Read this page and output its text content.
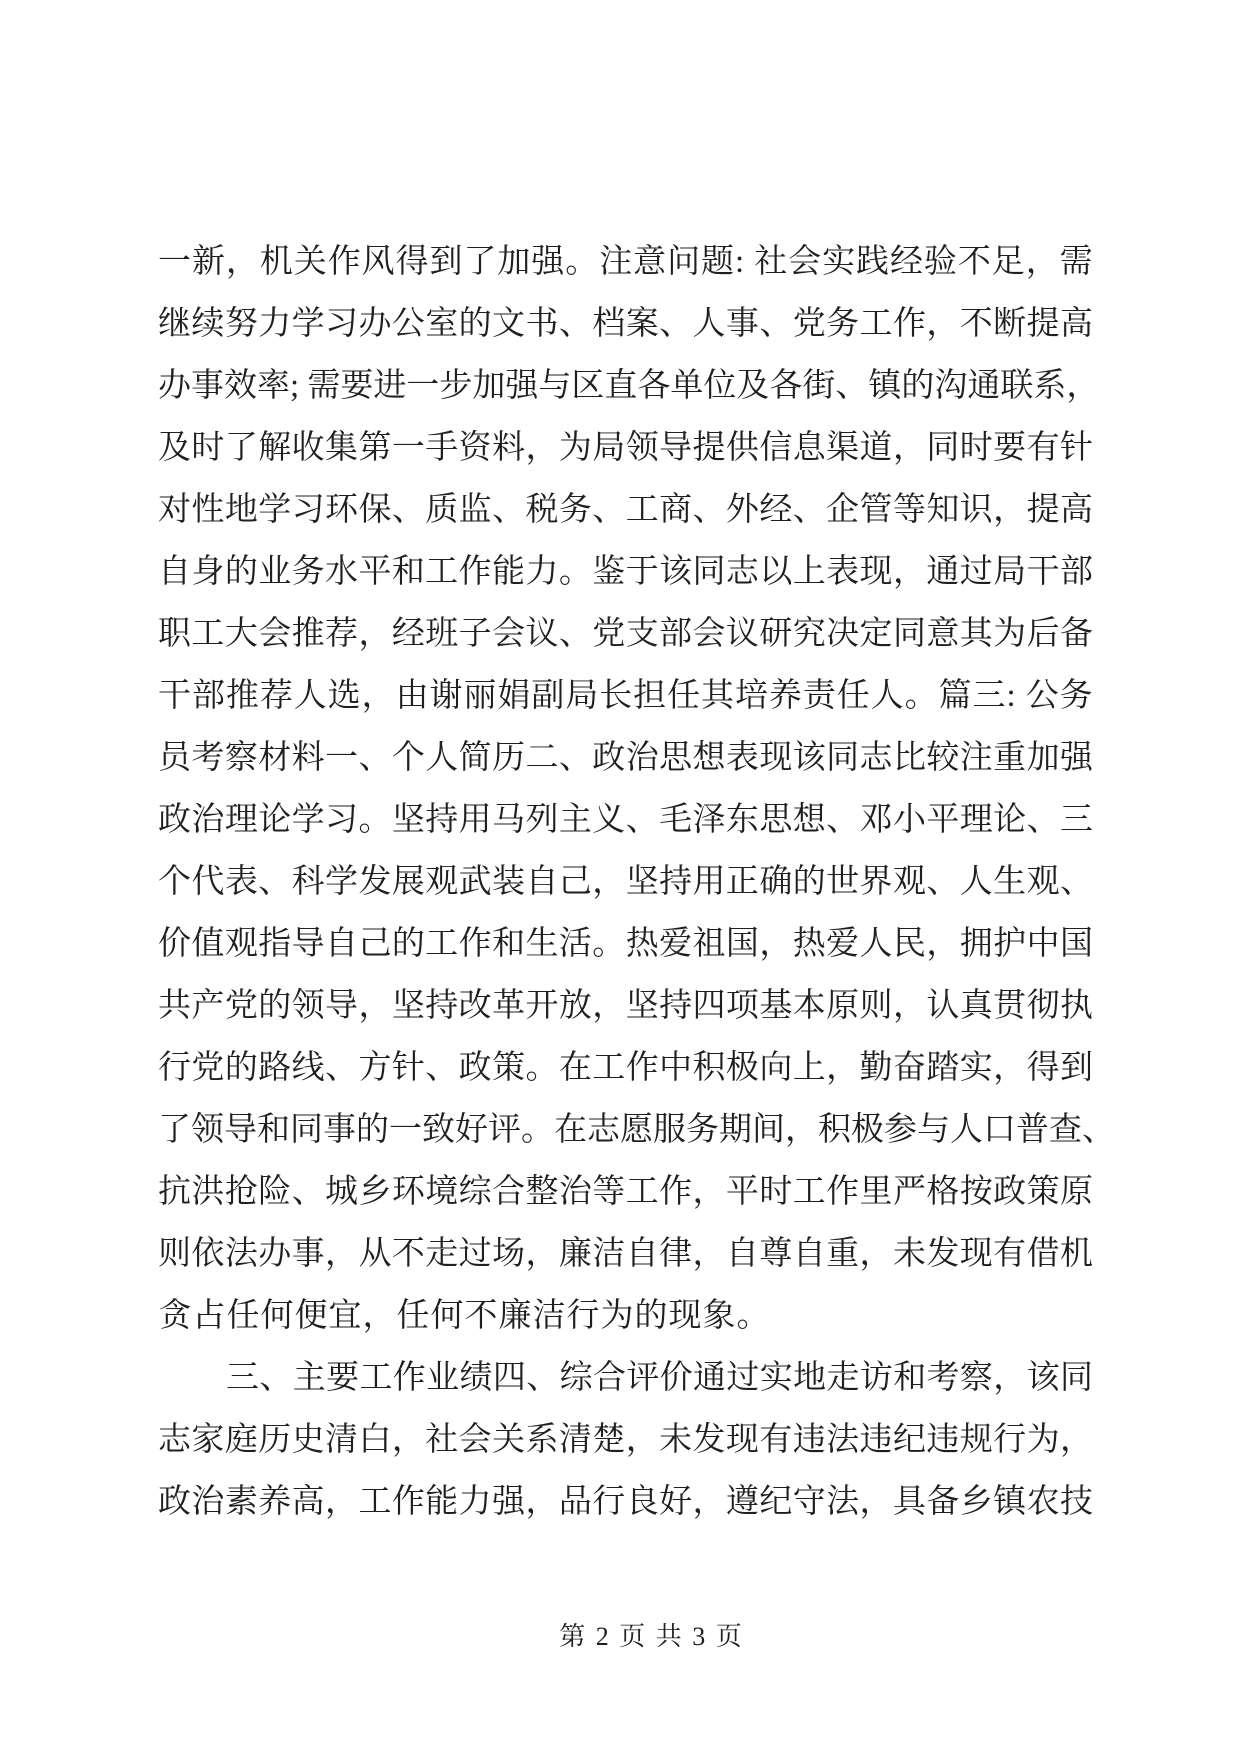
一 新 ， 机 关 作 风 得 到 了 加 强 。 注 意 问 题 :
社 会 实 践 经 验 不 足 ， 需
继 续 努 力 学 习 办 公 室 的 文 书 、 档 案 、 人 事 、 党 务 工 作 ， 不 断 提 高
办 事 效 率 ;
需 要 进 一 步 加 强 与 区 直 各 单 位 及 各 街 、 镇 的 沟 通 联 系 ，
及 时 了 解 收 集 第 一 手 资 料 ， 为 局 领 导 提 供 信 息 渠 道 ， 同 时 要 有 针
对 性 地 学 习 环 保 、 质 监 、 税 务 、 工 商 、 外 经 、 企 管 等 知 识 ， 提 高
自 身 的 业 务 水 平 和 工 作 能 力 。 鉴 于 该 同 志 以 上 表 现 ， 通 过 局 干 部
职 工 大 会 推 荐 ， 经 班 子 会 议 、 党 支 部 会 议 研 究 决 定 同 意 其 为 后 备
干 部 推 荐 人 选 ， 由 谢 丽 娟 副 局 长 担 任 其 培 养 责 任 人 。 篇 三 :
公 务
员 考 察 材 料 一 、 个 人 简 历 二 、 政 治 思 想 表 现 该 同 志 比 较 注 重 加 强
政 治 理 论 学 习 。 坚 持 用 马 列 主 义 、 毛 泽 东 思 想 、 邓 小 平 理 论 、 三
个 代 表 、 科 学 发 展 观 武 装 自 己 ， 坚 持 用 正 确 的 世 界 观 、 人 生 观 、
价 值 观 指 导 自 己 的 工 作 和 生 活 。 热 爱 祖 国 ， 热 爱 人 民 ， 拥 护 中 国
共 产 党 的 领 导 ， 坚 持 改 革 开 放 ， 坚 持 四 项 基 本 原 则 ， 认 真 贯 彻 执
行 党 的 路 线 、 方 针 、 政 策 。 在 工 作 中 积 极 向 上 ， 勤 奋 踏 实 ， 得 到
了 领 导 和 同 事 的 一 致 好 评 。 在 志 愿 服 务 期 间 ， 积 极 参 与 人 口 普 查 、
抗 洪 抢 险 、 城 乡 环 境 综 合 整 治 等 工 作 ， 平 时 工 作 里 严 格 按 政 策 原
则 依 法 办 事 ， 从 不 走 过 场 ， 廉 洁 自 律 ， 自 尊 自 重 ， 未 发 现 有 借 机
贪 占 任 何 便 宜 ， 任 何 不 廉 洁 行 为 的 现 象 。
三 、 主 要 工 作 业 绩 四 、 综 合 评 价 通 过 实 地 走 访 和 考 察 ， 该 同
志 家 庭 历 史 清 白 ， 社 会 关 系 清 楚 ， 未 发 现 有 违 法 违 纪 违 规 行 为 ，
政 治 素 养 高 ， 工 作 能 力 强 ， 品 行 良 好 ， 遵 纪 守 法 ， 具 备 乡 镇 农 技
第 2 页 共 3 页
